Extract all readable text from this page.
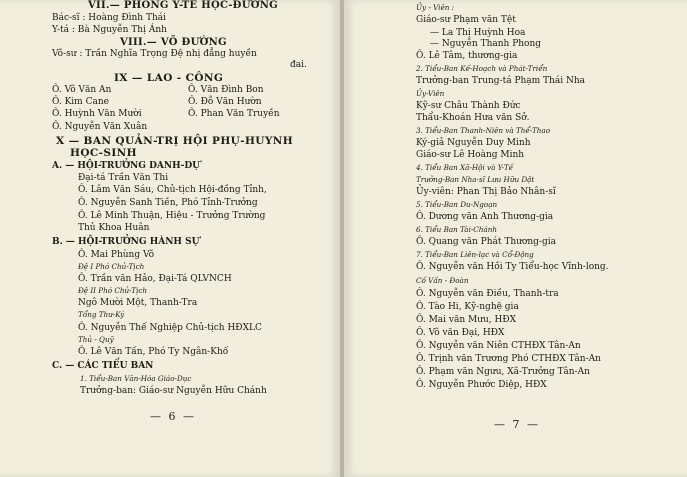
VII.— PHÒNG Y-TẾ HỌC-ĐƯỜNG
Bác-sĩ : Hoàng Đình Thái
Y-tá : Bà Nguyễn Thị Ánh
VIII.— VÕ ĐƯỜNG
Võ-sư : Trần Nghĩa Trọng Đệ nhị đẳng huyền
đai.
IX — LAO - CÔNG
Ô. Võ Văn An	Ô. Văn Đình Bon
Ô. Kim Cane	Ô. Đỗ Văn Hườn
Ô. Huỳnh Văn Mười	Ô. Phan Văn Truyền
Ô. Nguyễn Văn Xuân
X — BAN QUẢN-TRỊ HỘI PHỤ-HUYNH
HỌC-SINH
A. — HỘI-TRƯỞNG DANH-DỰ
Đại-tá Trần Văn Thi
Ô. Lâm Văn Sáu, Chủ-tịch Hội-đồng Tỉnh,
Ô. Nguyễn Sanh Tiền, Phó Tỉnh-Trưởng
Ô. Lê Minh Thuận, Hiệu - Trưởng Trường
Thủ Khoa Huân
B. — HỘI-TRƯỞNG HÀNH SỰ
Ô. Mai Phùng Võ
Đệ I Phó Chủ-Tịch
Ô. Trần văn Hảo, Đại-Tá QLVNCH
Đệ II Phó Chủ-Tịch
Ngô Mười Một, Thanh-Tra
Tổng Thư-Ký
Ô. Nguyễn Thế Nghiệp Chủ-tịch HĐXLC
Thủ - Quỹ
Ô. Lê Văn Tấn, Phó Ty Ngân-Khố
C. — CÁC TIỂU BAN
1. Tiểu-Ban Văn-Hóa Giáo-Dục
Trưởng-ban: Giáo-sư Nguyễn Hữu Chánh
— 6 —
Ủy - Viên :
Giáo-sư Phạm văn Tệt
— La Thị Huỳnh Hoa
— Nguyễn Thanh Phong
Ô. Lê Tâm, thương-gia
2. Tiểu-Ban Kế-Hoạch và Phát-Triển
Trưởng-ban Trung-tá Phạm Thái Nha
Ủy-Viên
Kỹ-sư Châu Thành Đức
Thẩu-Khoán Hưa văn Sở.
3. Tiểu-Ban Thanh-Niên và Thể-Thao
Ký-giả Nguyễn Duy Minh
Giáo-sư Lê Hoàng Minh
4. Tiểu Ban Xã-Hội và Y-Tế
Trưởng-Ban Nha-sĩ Lưu Hữu Dật
Ủy-viên: Phan Thị Bảo Nhân-sĩ
5. Tiểu-Ban Du-Ngoạn
Ô. Dương văn Anh Thương-gia
6. Tiểu Ban Tài-Chánh
Ô. Quang văn Phát Thương-gia
7. Tiểu-Ban Liên-lạc và Cổ-Động
Ô. Nguyễn văn Hồi Ty Tiểu-học Vĩnh-long.
Cố Vấn - Đoàn
Ô. Nguyễn văn Điều, Thanh-tra
Ô. Tào Hi, Kỹ-nghệ gia
Ô. Mai văn Mưu, HĐX
Ô. Võ văn Đại, HĐX
Ô. Nguyễn văn Niên CTHĐX Tân-An
Ô. Trịnh văn Trương Phó CTHĐX Tân-An
Ô. Phạm văn Ngưu, Xã-Trưởng Tân-An
Ô. Nguyễn Phước Diệp, HĐX
— 7 —
